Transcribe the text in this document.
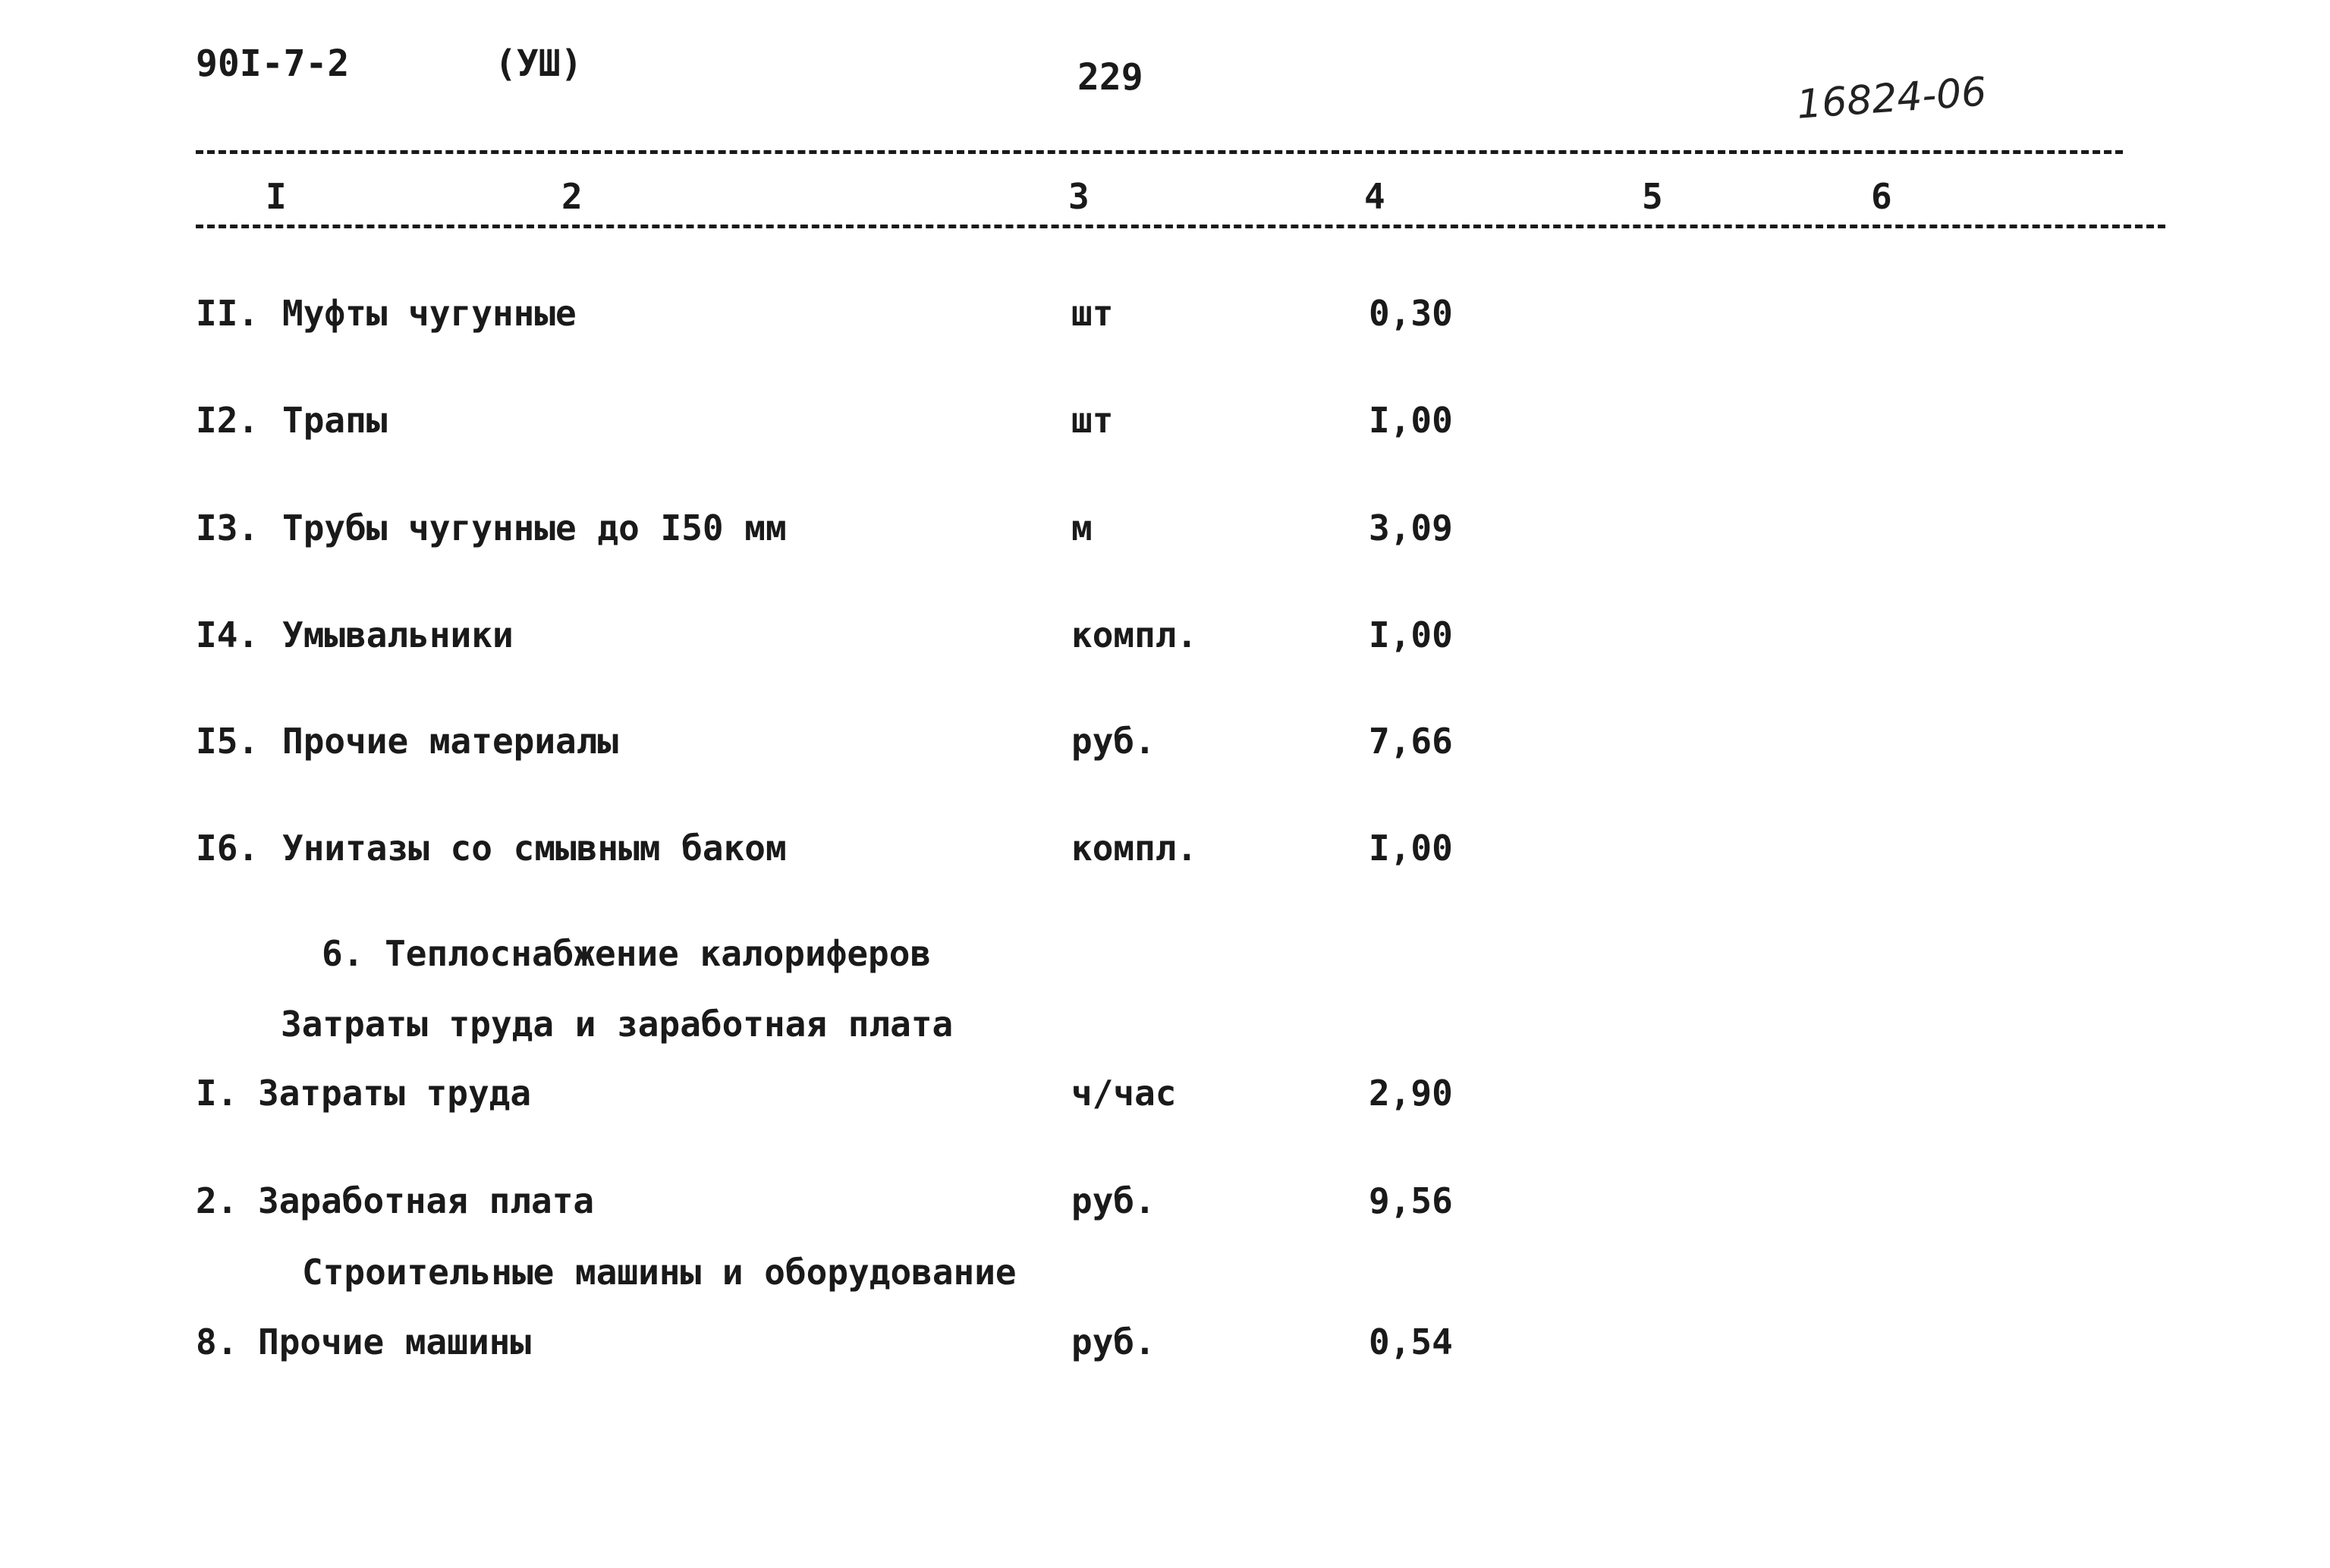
90I-7-2	(УШ)	229	16824-06
I	2	3	4	5	6
II. Муфты чугунные	шт	0,30
I2. Трапы	шт	I,00
I3. Трубы чугунные до I50 мм	м	3,09
I4. Умывальники	компл.	I,00
I5. Прочие материалы	руб.	7,66
I6. Унитазы со смывным баком	компл.	I,00
6. Теплоснабжение калориферов
Затраты труда и заработная плата
I. Затраты труда	ч/час	2,90
2. Заработная плата	руб.	9,56
Строительные машины и оборудование
8. Прочие машины	руб.	0,54
